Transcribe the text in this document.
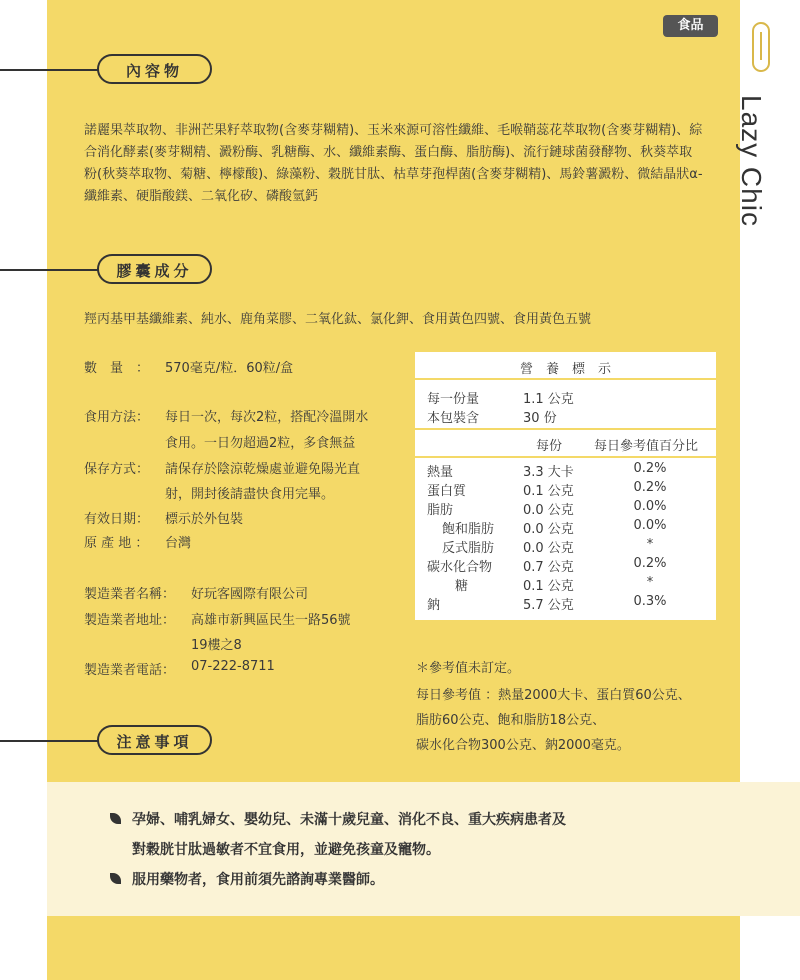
食品
Lazy Chic
內容物
諾麗果萃取物、非洲芒果籽萃取物(含麥芽糊精)、玉米來源可溶性纖維、毛喉鞘蕊花萃取物(含麥芽糊精)、綜合消化酵素(麥芽糊精、澱粉酶、乳糖酶、水、纖維素酶、蛋白酶、脂肪酶)、流行鏈球菌發酵物、秋葵萃取粉(秋葵萃取物、菊糖、檸檬酸)、綠藻粉、穀胱甘肽、枯草芽孢桿菌(含麥芽糊精)、馬鈴薯澱粉、微結晶狀α-纖維素、硬脂酸鎂、二氧化矽、磷酸氫鈣
膠囊成分
羥丙基甲基纖維素、純水、鹿角菜膠、二氧化鈦、氯化鉀、食用黃色四號、食用黃色五號
數　量　： 570毫克/粒．60粒/盒
食用方法： 每日一次，每次2粒，搭配冷溫開水
食用。一日勿超過2粒，多食無益
保存方式： 請保存於陰涼乾燥處並避免陽光直
射，開封後請盡快食用完畢。
有效日期： 標示於外包裝
原 產 地 ： 台灣
製造業者名稱： 好玩客國際有限公司
製造業者地址： 高雄市新興區民生一路56號
19樓之8
製造業者電話： 07-222-8711
營　養　標　示
每一份量	1.1 公克
本包裝含	30 份
每份 每日參考值百分比
熱量	3.3 大卡	0.2%
蛋白質	0.1 公克	0.2%
脂肪	0.0 公克	0.0%
飽和脂肪 0.0 公克	0.0%
反式脂肪 0.0 公克	*
碳水化合物 0.7 公克	0.2%
糖	0.1 公克	*
鈉	5.7 公克	0.3%
＊參考值未訂定。
每日參考值 ：熱量2000大卡、蛋白質60公克、
脂肪60公克、飽和脂肪18公克、
碳水化合物300公克、鈉2000毫克。
注意事項
孕婦、哺乳婦女、嬰幼兒、未滿十歲兒童、消化不良、重大疾病患者及
對穀胱甘肽過敏者不宜食用，並避免孩童及寵物。
服用藥物者，食用前須先諮詢專業醫師。
